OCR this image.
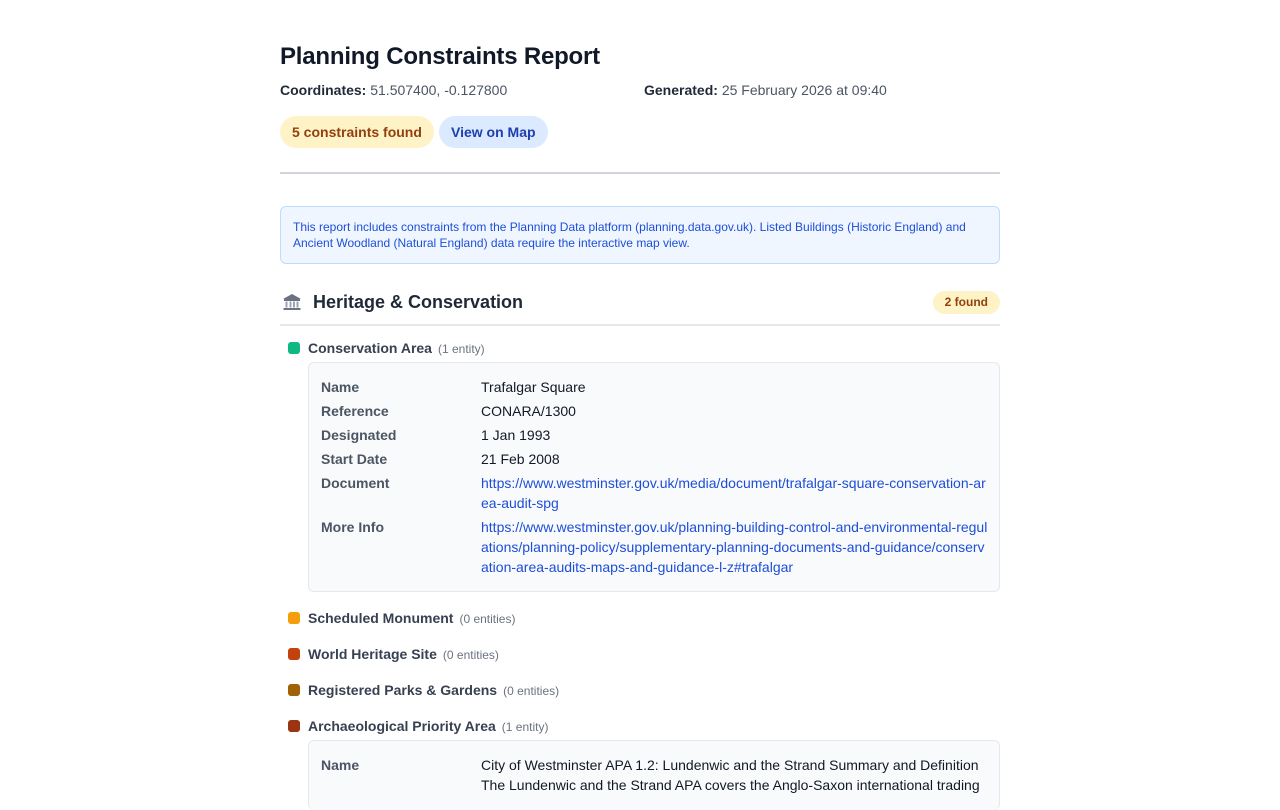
Planning Constraints Report
Coordinates: 51.507400, -0.127800	Generated: 25 February 2026 at 09:40
5 constraints found	View on Map
This report includes constraints from the Planning Data platform (planning.data.gov.uk). Listed Buildings (Historic England) and Ancient Woodland (Natural England) data require the interactive map view.
Heritage & Conservation	2 found
Conservation Area (1 entity)
Name	Trafalgar Square
Reference	CONARA/1300
Designated	1 Jan 1993
Start Date	21 Feb 2008
Document	https://www.westminster.gov.uk/media/document/trafalgar-square-conservation-area-audit-spg
More Info	https://www.westminster.gov.uk/planning-building-control-and-environmental-regulations/planning-policy/supplementary-planning-documents-and-guidance/conservation-area-audits-maps-and-guidance-l-z#trafalgar
Scheduled Monument (0 entities)
World Heritage Site (0 entities)
Registered Parks & Gardens (0 entities)
Archaeological Priority Area (1 entity)
Name	City of Westminster APA 1.2: Lundenwic and the Strand Summary and Definition The Lundenwic and the Strand APA covers the Anglo-Saxon international trading
